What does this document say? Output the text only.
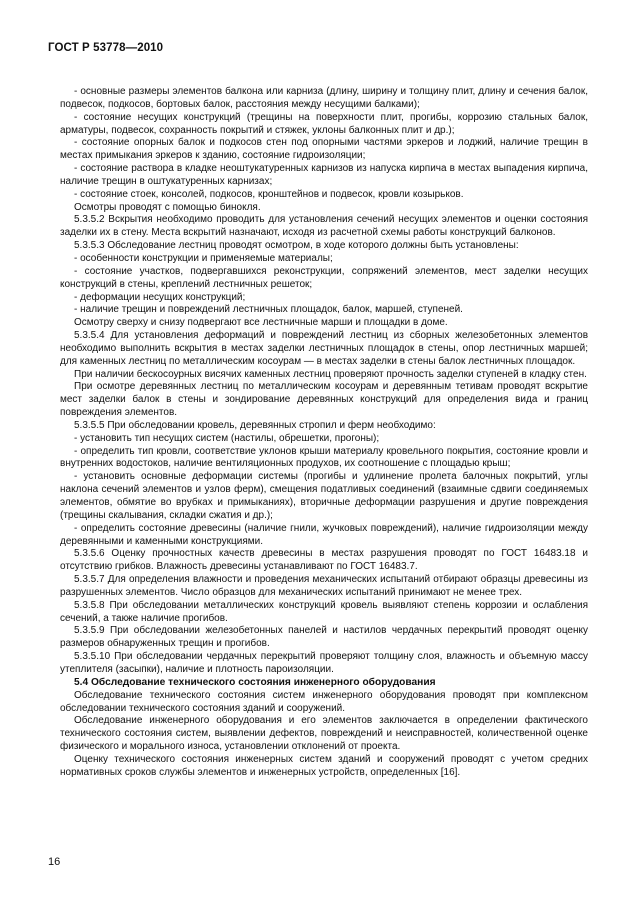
ГОСТ Р 53778—2010

- основные размеры элементов балкона или карниза (длину, ширину и толщину плит, длину и сечения балок, подвесок, подкосов, бортовых балок, расстояния между несущими балками);

- состояние несущих конструкций (трещины на поверхности плит, прогибы, коррозию стальных балок, арматуры, подвесок, сохранность покрытий и стяжек, уклоны балконных плит и др.);

- состояние опорных балок и подкосов стен под опорными частями эркеров и лоджий, наличие трещин в местах примыкания эркеров к зданию, состояние гидроизоляции;

- состояние раствора в кладке неоштукатуренных карнизов из напуска кирпича в местах выпадения кирпича, наличие трещин в оштукатуренных карнизах;

- состояние стоек, консолей, подкосов, кронштейнов и подвесок, кровли козырьков.

Осмотры проводят с помощью бинокля.

5.3.5.2 Вскрытия необходимо проводить для установления сечений несущих элементов и оценки состояния заделки их в стену. Места вскрытий назначают, исходя из расчетной схемы работы конструкций балконов.

5.3.5.3 Обследование лестниц проводят осмотром, в ходе которого должны быть установлены:

- особенности конструкции и применяемые материалы;

- состояние участков, подвергавшихся реконструкции, сопряжений элементов, мест заделки несущих конструкций в стены, креплений лестничных решеток;

- деформации несущих конструкций;

- наличие трещин и повреждений лестничных площадок, балок, маршей, ступеней.

Осмотру сверху и снизу подвергают все лестничные марши и площадки в доме.

5.3.5.4 Для установления деформаций и повреждений лестниц из сборных железобетонных элементов необходимо выполнить вскрытия в местах заделки лестничных площадок в стены, опор лестничных маршей; для каменных лестниц по металлическим косоурам — в местах заделки в стены балок лестничных площадок.

При наличии бескосоурных висячих каменных лестниц проверяют прочность заделки ступеней в кладку стен.

При осмотре деревянных лестниц по металлическим косоурам и деревянным тетивам проводят вскрытие мест заделки балок в стены и зондирование деревянных конструкций для определения вида и границ повреждения элементов.

5.3.5.5 При обследовании кровель, деревянных стропил и ферм необходимо:

- установить тип несущих систем (настилы, обрешетки, прогоны);

- определить тип кровли, соответствие уклонов крыши материалу кровельного покрытия, состояние кровли и внутренних водостоков, наличие вентиляционных продухов, их соотношение с площадью крыш;

- установить основные деформации системы (прогибы и удлинение пролета балочных покрытий, углы наклона сечений элементов и узлов ферм), смещения податливых соединений (взаимные сдвиги соединяемых элементов, обмятие во врубках и примыканиях), вторичные деформации разрушения и другие повреждения (трещины скалывания, складки сжатия и др.);

- определить состояние древесины (наличие гнили, жучковых повреждений), наличие гидроизоляции между деревянными и каменными конструкциями.

5.3.5.6 Оценку прочностных качеств древесины в местах разрушения проводят по ГОСТ 16483.18 и отсутствию грибков. Влажность древесины устанавливают по ГОСТ 16483.7.

5.3.5.7 Для определения влажности и проведения механических испытаний отбирают образцы древесины из разрушенных элементов. Число образцов для механических испытаний принимают не менее трех.

5.3.5.8 При обследовании металлических конструкций кровель выявляют степень коррозии и ослабления сечений, а также наличие прогибов.

5.3.5.9 При обследовании железобетонных панелей и настилов чердачных перекрытий проводят оценку размеров обнаруженных трещин и прогибов.

5.3.5.10 При обследовании чердачных перекрытий проверяют толщину слоя, влажность и объемную массу утеплителя (засыпки), наличие и плотность пароизоляции.

5.4 Обследование технического состояния инженерного оборудования

Обследование технического состояния систем инженерного оборудования проводят при комплексном обследовании технического состояния зданий и сооружений.

Обследование инженерного оборудования и его элементов заключается в определении фактического технического состояния систем, выявлении дефектов, повреждений и неисправностей, количественной оценке физического и морального износа, установлении отклонений от проекта.

Оценку технического состояния инженерных систем зданий и сооружений проводят с учетом средних нормативных сроков службы элементов и инженерных устройств, определенных [16].

16
